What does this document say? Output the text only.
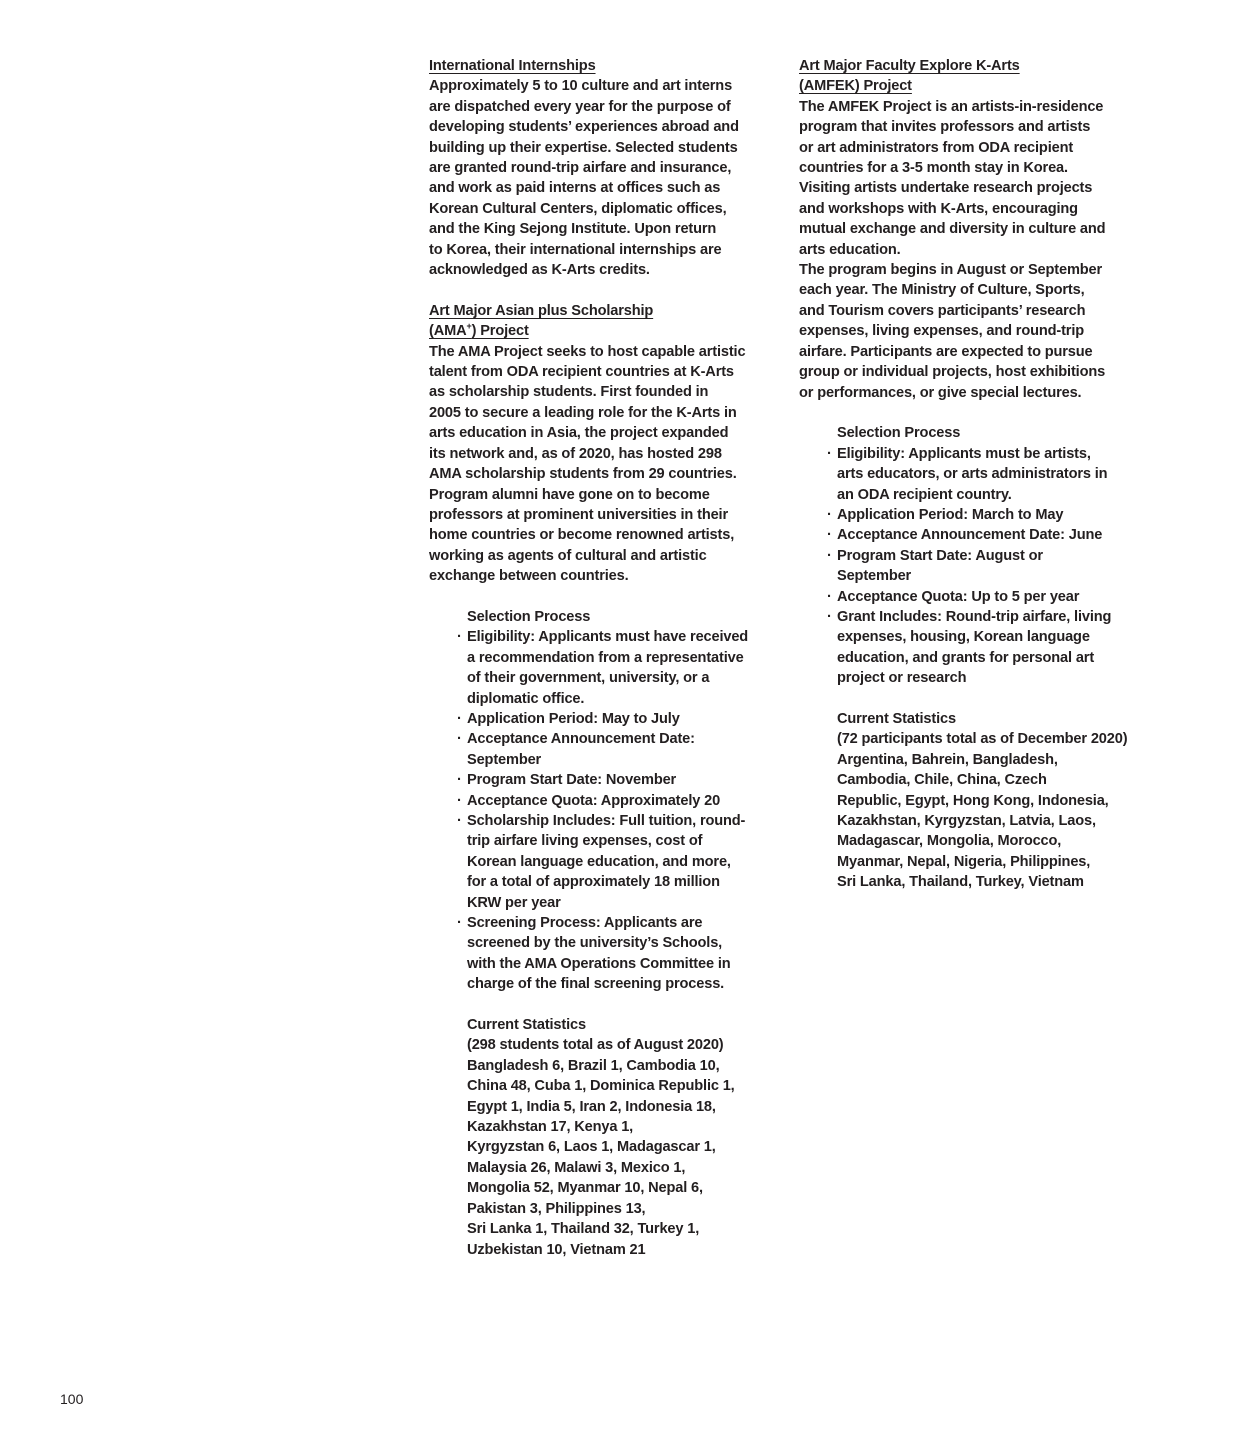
International Internships
Approximately 5 to 10 culture and art interns
are dispatched every year for the purpose of
developing students’ experiences abroad and
building up their expertise. Selected students
are granted round-trip airfare and insurance,
and work as paid interns at offices such as
Korean Cultural Centers, diplomatic offices,
and the King Sejong Institute. Upon return
to Korea, their international internships are
acknowledged as K-Arts credits.
Art Major Asian plus Scholarship
(AMA+) Project
The AMA Project seeks to host capable artistic
talent from ODA recipient countries at K-Arts
as scholarship students. First founded in
2005 to secure a leading role for the K-Arts in
arts education in Asia, the project expanded
its network and, as of 2020, has hosted 298
AMA scholarship students from 29 countries.
Program alumni have gone on to become
professors at prominent universities in their
home countries or become renowned artists,
working as agents of cultural and artistic
exchange between countries.
Selection Process
· Eligibility: Applicants must have received
a recommendation from a representative
of their government, university, or a
diplomatic office.
· Application Period: May to July
· Acceptance Announcement Date:
September
· Program Start Date: November
· Acceptance Quota: Approximately 20
· Scholarship Includes: Full tuition, round-
trip airfare living expenses, cost of
Korean language education, and more,
for a total of approximately 18 million
KRW per year
· Screening Process: Applicants are
screened by the university’s Schools,
with the AMA Operations Committee in
charge of the final screening process.
Current Statistics
(298 students total as of August 2020)
Bangladesh 6, Brazil 1, Cambodia 10,
China 48, Cuba 1, Dominica Republic 1,
Egypt 1, India 5, Iran 2, Indonesia 18,
Kazakhstan 17, Kenya 1,
Kyrgyzstan 6, Laos 1, Madagascar 1,
Malaysia 26, Malawi 3, Mexico 1,
Mongolia 52, Myanmar 10, Nepal 6,
Pakistan 3, Philippines 13,
Sri Lanka 1, Thailand 32, Turkey 1,
Uzbekistan 10, Vietnam 21
Art Major Faculty Explore K-Arts
(AMFEK) Project
The AMFEK Project is an artists-in-residence
program that invites professors and artists
or art administrators from ODA recipient
countries for a 3-5 month stay in Korea.
Visiting artists undertake research projects
and workshops with K-Arts, encouraging
mutual exchange and diversity in culture and
arts education.
The program begins in August or September
each year. The Ministry of Culture, Sports,
and Tourism covers participants’ research
expenses, living expenses, and round-trip
airfare. Participants are expected to pursue
group or individual projects, host exhibitions
or performances, or give special lectures.
Selection Process
· Eligibility: Applicants must be artists,
arts educators, or arts administrators in
an ODA recipient country.
· Application Period: March to May
· Acceptance Announcement Date: June
· Program Start Date: August or
September
· Acceptance Quota: Up to 5 per year
· Grant Includes: Round-trip airfare, living
expenses, housing, Korean language
education, and grants for personal art
project or research
Current Statistics
(72 participants total as of December 2020)
Argentina, Bahrein, Bangladesh,
Cambodia, Chile, China, Czech
Republic, Egypt, Hong Kong, Indonesia,
Kazakhstan, Kyrgyzstan, Latvia, Laos,
Madagascar, Mongolia, Morocco,
Myanmar, Nepal, Nigeria, Philippines,
Sri Lanka, Thailand, Turkey, Vietnam
100
